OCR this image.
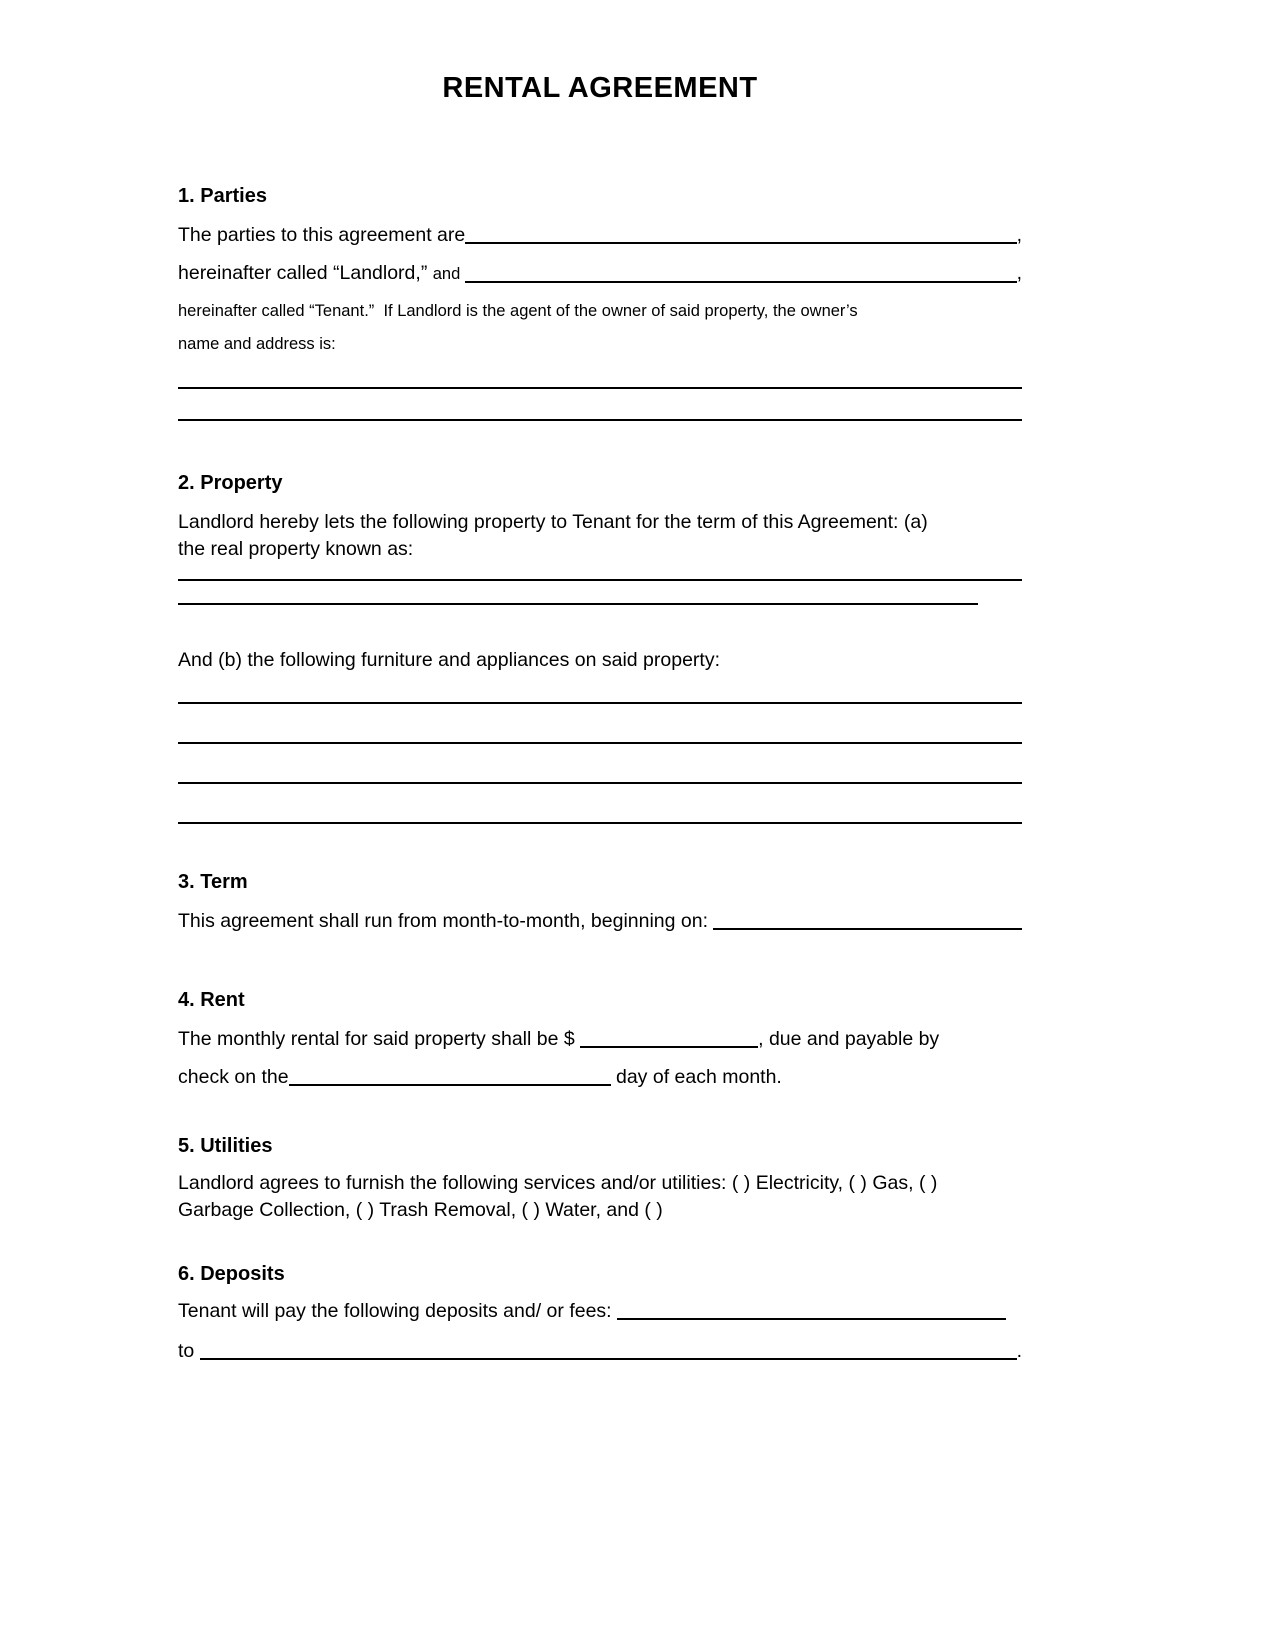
RENTAL AGREEMENT
1. Parties
The parties to this agreement are	,
hereinafter called “Landlord,” and	,

hereinafter called “Tenant.”  If Landlord is the agent of the owner of said property, the owner’s
name and address is:

2. Property

Landlord hereby lets the following property to Tenant for the term of this Agreement: (a)
the real property known as:

And (b) the following furniture and appliances on said property:

3. Term
This agreement shall run from month-to-month, beginning on:
4. Rent
The monthly rental for said property shall be $	, due and payable by
check on the	day of each month.
5. Utilities

Landlord agrees to furnish the following services and/or utilities: ( ) Electricity, ( ) Gas, ( )
Garbage Collection, ( ) Trash Removal, ( ) Water, and ( )

6. Deposits
Tenant will pay the following deposits and/ or fees:
to	.
